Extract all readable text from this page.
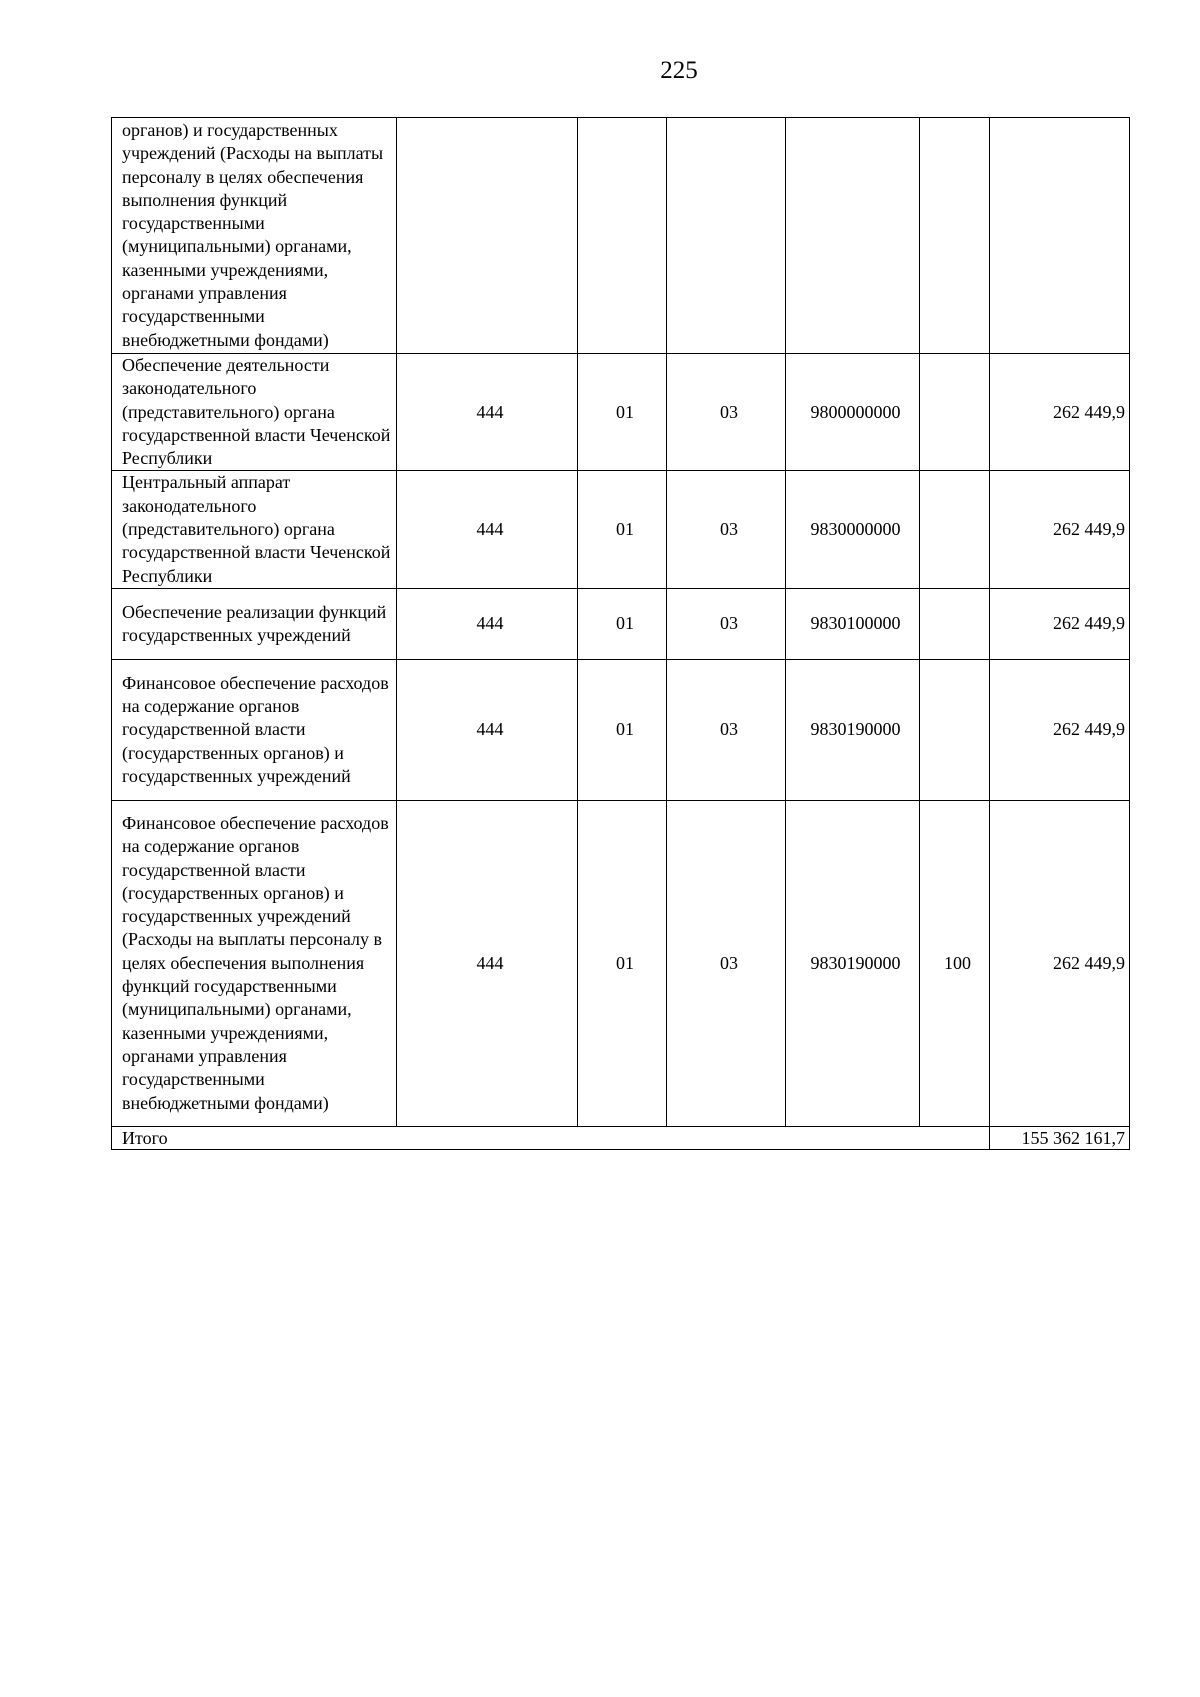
225
органов) и государственных учреждений (Расходы на выплаты персоналу в целях обеспечения выполнения функций государственными (муниципальными) органами, казенными учреждениями, органами управления государственными внебюджетными фондами)						
Обеспечение деятельности законодательного (представительного) органа государственной власти Чеченской Республики	444	01	03	9800000000		262 449,9
Центральный аппарат законодательного (представительного) органа государственной власти Чеченской Республики	444	01	03	9830000000		262 449,9
Обеспечение реализации функций государственных учреждений	444	01	03	9830100000		262 449,9
Финансовое обеспечение расходов на содержание органов государственной власти (государственных органов) и государственных учреждений	444	01	03	9830190000		262 449,9
Финансовое обеспечение расходов на содержание органов государственной власти (государственных органов) и государственных учреждений (Расходы на выплаты персоналу в целях обеспечения выполнения функций государственными (муниципальными) органами, казенными учреждениями, органами управления государственными внебюджетными фондами)	444	01	03	9830190000	100	262 449,9
Итого						155 362 161,7
